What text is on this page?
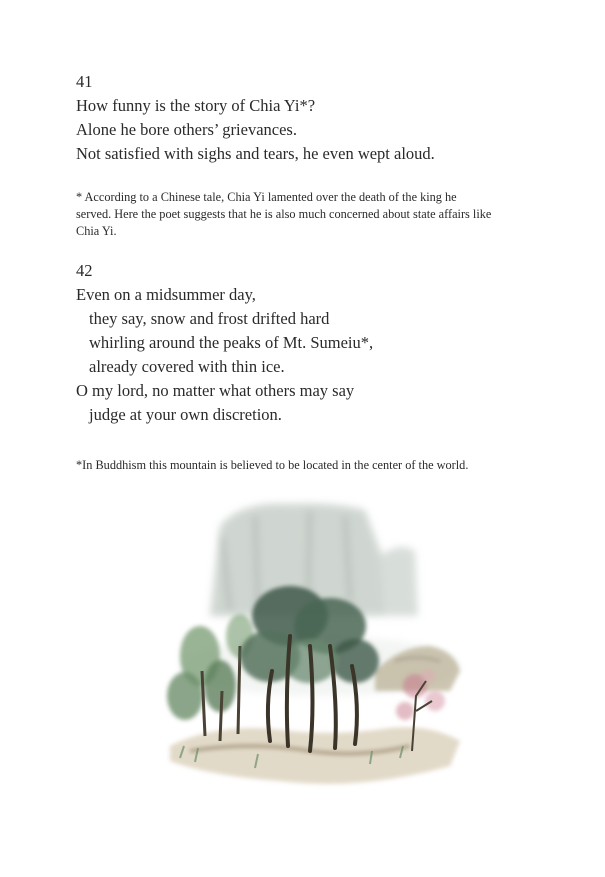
41
How funny is the story of Chia Yi*?
Alone he bore others’ grievances.
Not satisfied with sighs and tears, he even wept aloud.
* According to a Chinese tale, Chia Yi lamented over the death of the king he
served. Here the poet suggests that he is also much concerned about state affairs like
Chia Yi.
42
Even on a midsummer day,
they say, snow and frost drifted hard
whirling around the peaks of Mt. Sumeiu*,
already covered with thin ice.
O my lord, no matter what others may say
judge at your own discretion.
*In Buddhism this mountain is believed to be located in the center of the world.
